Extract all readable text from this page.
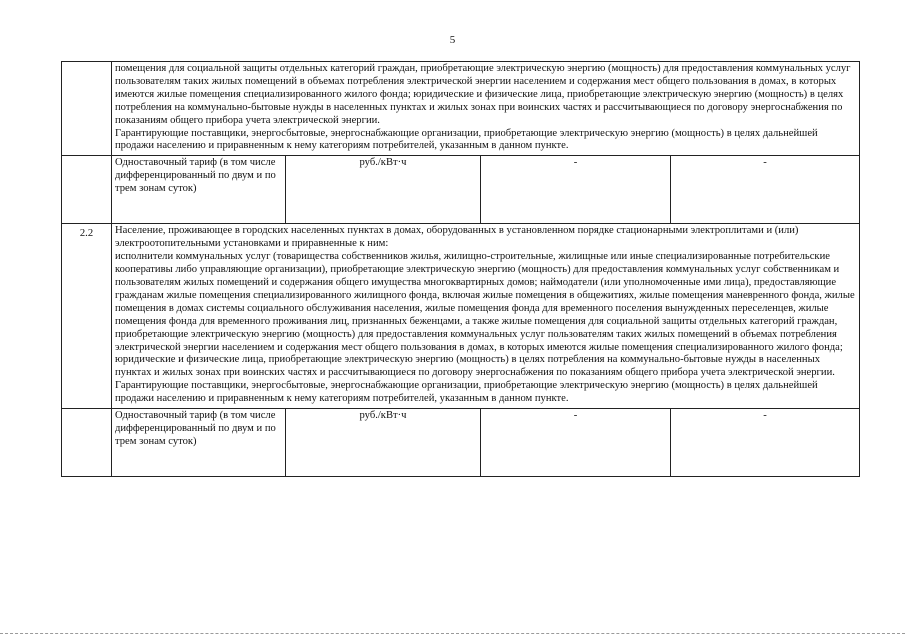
5

	помещения для социальной защиты отдельных категорий граждан, приобретающие электрическую энергию (мощность) для предоставления коммунальных услуг пользователям таких жилых помещений в объемах потребления электрической энергии населением и содержания мест общего пользования в домах, в которых имеются жилые помещения специализированного жилого фонда; юридические и физические лица, приобретающие электрическую энергию (мощность) в целях потребления на коммунально-бытовые нужды в населенных пунктах и жилых зонах при воинских частях и рассчитывающиеся по договору энергоснабжения по показаниям общего прибора учета электрической энергии.
Гарантирующие поставщики, энергосбытовые, энергоснабжающие организации, приобретающие электрическую энергию (мощность) в целях дальнейшей продажи населению и приравненным к нему категориям потребителей, указанным в данном пункте.			

	Одноставочный тариф (в том числе дифференцированный по двум и по трем зонам суток)	руб./кВт·ч	-	-
2.2	Население, проживающее в городских населенных пунктах в домах, оборудованных в установленном порядке стационарными электроплитами и (или) электроотопительными установками и приравненные к ним:
исполнители коммунальных услуг (товарищества собственников жилья, жилищно-строительные, жилищные или иные специализированные потребительские кооперативы либо управляющие организации), приобретающие электрическую энергию (мощность) для предоставления коммунальных услуг собственникам и пользователям жилых помещений и содержания общего имущества многоквартирных домов; наймодатели (или уполномоченные ими лица), предоставляющие гражданам жилые помещения специализированного жилищного фонда, включая жилые помещения в общежитиях, жилые помещения маневренного фонда, жилые помещения в домах системы социального обслуживания населения, жилые помещения фонда для временного поселения вынужденных переселенцев, жилые помещения фонда для временного проживания лиц, признанных беженцами, а также жилые помещения для социальной защиты отдельных категорий граждан, приобретающие электрическую энергию (мощность) для предоставления коммунальных услуг пользователям таких жилых помещений в объемах потребления электрической энергии населением и содержания мест общего пользования в домах, в которых имеются жилые помещения специализированного жилого фонда; юридические и физические лица, приобретающие электрическую энергию (мощность) в целях потребления на коммунально-бытовые нужды в населенных пунктах и жилых зонах при воинских частях и рассчитывающиеся по договору энергоснабжения по показаниям общего прибора учета электрической энергии.
Гарантирующие поставщики, энергосбытовые, энергоснабжающие организации, приобретающие электрическую энергию (мощность) в целях дальнейшей продажи населению и приравненным к нему категориям потребителей, указанным в данном пункте.			

	Одноставочный тариф (в том числе дифференцированный по двум и по трем зонам суток)	руб./кВт·ч	-	-
